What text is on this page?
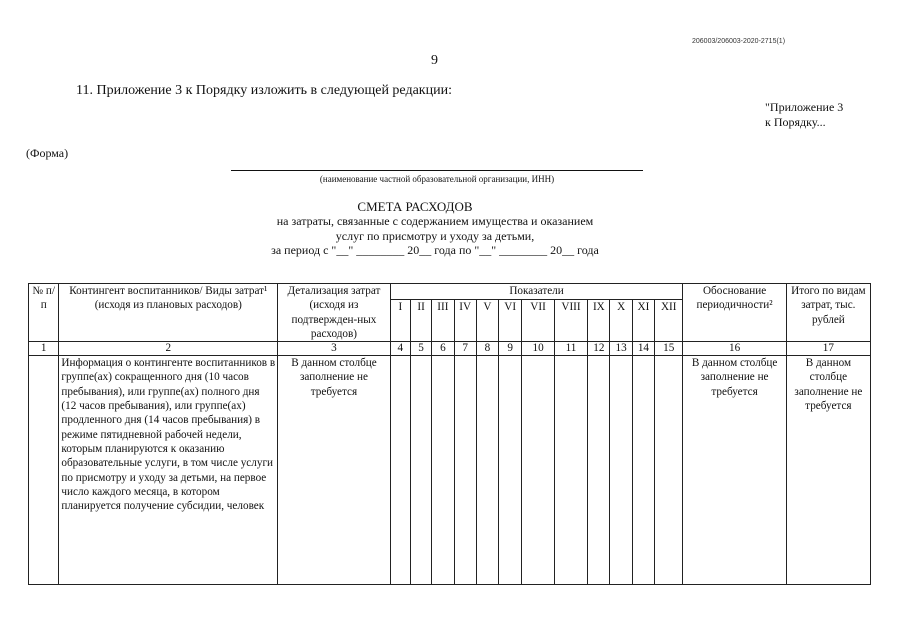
206003/206003-2020-2715(1)
9
11. Приложение 3 к Порядку изложить в следующей редакции:
"Приложение 3
к Порядку...
(Форма)
(наименование частной образовательной организации, ИНН)
СМЕТА РАСХОДОВ
на затраты, связанные с содержанием имущества и оказанием
услуг по присмотру и уходу за детьми,
за период с "__" ________ 20__ года по "__" ________ 20__ года
№ п/п	Контингент воспитанников/ Виды затрат¹ (исходя из плановых расходов)	Детализация затрат (исходя из подтвержден-ных расходов)	Показатели												Обоснование периодичности²	Итого по видам затрат, тыс. рублей
			I	II	III	IV	V	VI	VII	VIII	IX	X	XI	XII		
1	2	3	4	5	6	7	8	9	10	11	12	13	14	15	16	17
	Информация о контингенте воспитанников в группе(ах) сокращенного дня (10 часов пребывания), или группе(ах) полного дня (12 часов пребывания), или группе(ах) продленного дня (14 часов пребывания) в режиме пятидневной рабочей недели, которым планируются к оказанию образовательные услуги, в том числе услуги по присмотру и уходу за детьми, на первое число каждого месяца, в котором планируется получение субсидии, человек	В данном столбце заполнение не требуется													В данном столбце заполнение не требуется	В данном столбце заполнение не требуется
